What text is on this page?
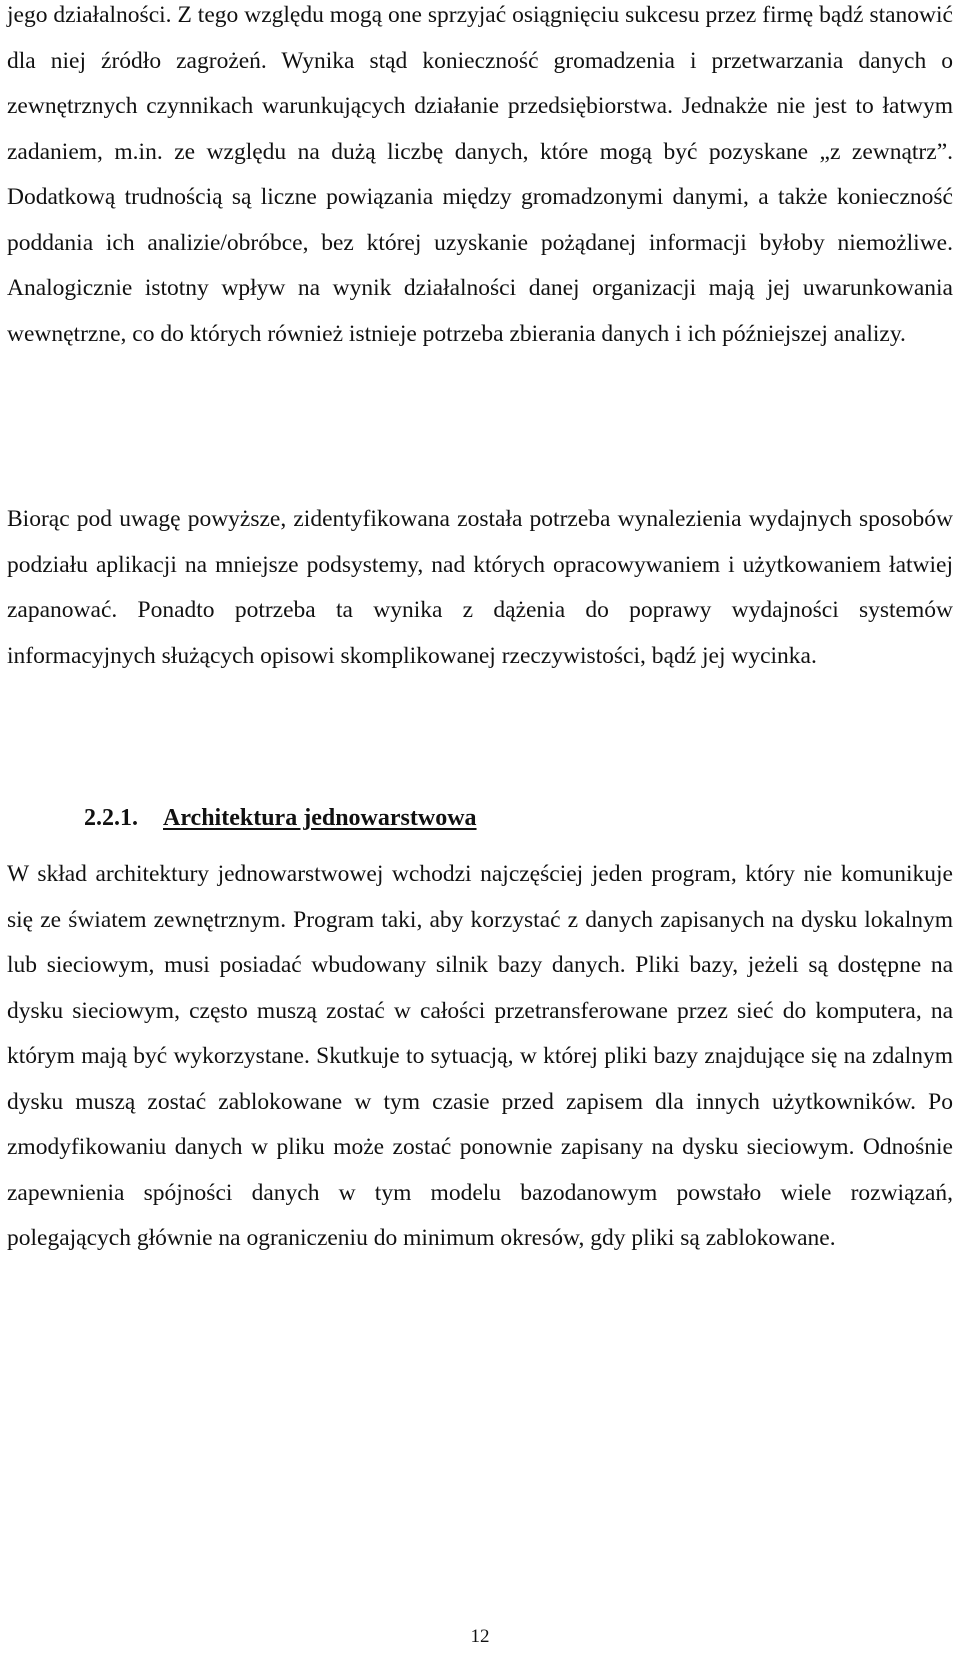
jego działalności. Z tego względu mogą one sprzyjać osiągnięciu sukcesu przez firmę bądź stanowić dla niej źródło zagrożeń. Wynika stąd konieczność gromadzenia i przetwarzania danych o zewnętrznych czynnikach warunkujących działanie przedsiębiorstwa. Jednakże nie jest to łatwym zadaniem, m.in. ze względu na dużą liczbę danych, które mogą być pozyskane „z zewnątrz”. Dodatkową trudnością są liczne powiązania między gromadzonymi danymi, a także konieczność poddania ich analizie/obróbce, bez której uzyskanie pożądanej informacji byłoby niemożliwe. Analogicznie istotny wpływ na wynik działalności danej organizacji mają jej uwarunkowania wewnętrzne, co do których również istnieje potrzeba zbierania danych i ich późniejszej analizy.

Biorąc pod uwagę powyższe, zidentyfikowana została potrzeba wynalezienia wydajnych sposobów podziału aplikacji na mniejsze podsystemy, nad których opracowywaniem i użytkowaniem łatwiej zapanować. Ponadto potrzeba ta wynika z dążenia do poprawy wydajności systemów informacyjnych służących opisowi skomplikowanej rzeczywistości, bądź jej wycinka.

2.2.1. Architektura jednowarstwowa

W skład architektury jednowarstwowej wchodzi najczęściej jeden program, który nie komunikuje się ze światem zewnętrznym. Program taki, aby korzystać z danych zapisanych na dysku lokalnym lub sieciowym, musi posiadać wbudowany silnik bazy danych. Pliki bazy, jeżeli są dostępne na dysku sieciowym, często muszą zostać w całości przetransferowane przez sieć do komputera, na którym mają być wykorzystane. Skutkuje to sytuacją, w której pliki bazy znajdujące się na zdalnym dysku muszą zostać zablokowane w tym czasie przed zapisem dla innych użytkowników. Po zmodyfikowaniu danych w pliku może zostać ponownie zapisany na dysku sieciowym. Odnośnie zapewnienia spójności danych w tym modelu bazodanowym powstało wiele rozwiązań, polegających głównie na ograniczeniu do minimum okresów, gdy pliki są zablokowane.

12
